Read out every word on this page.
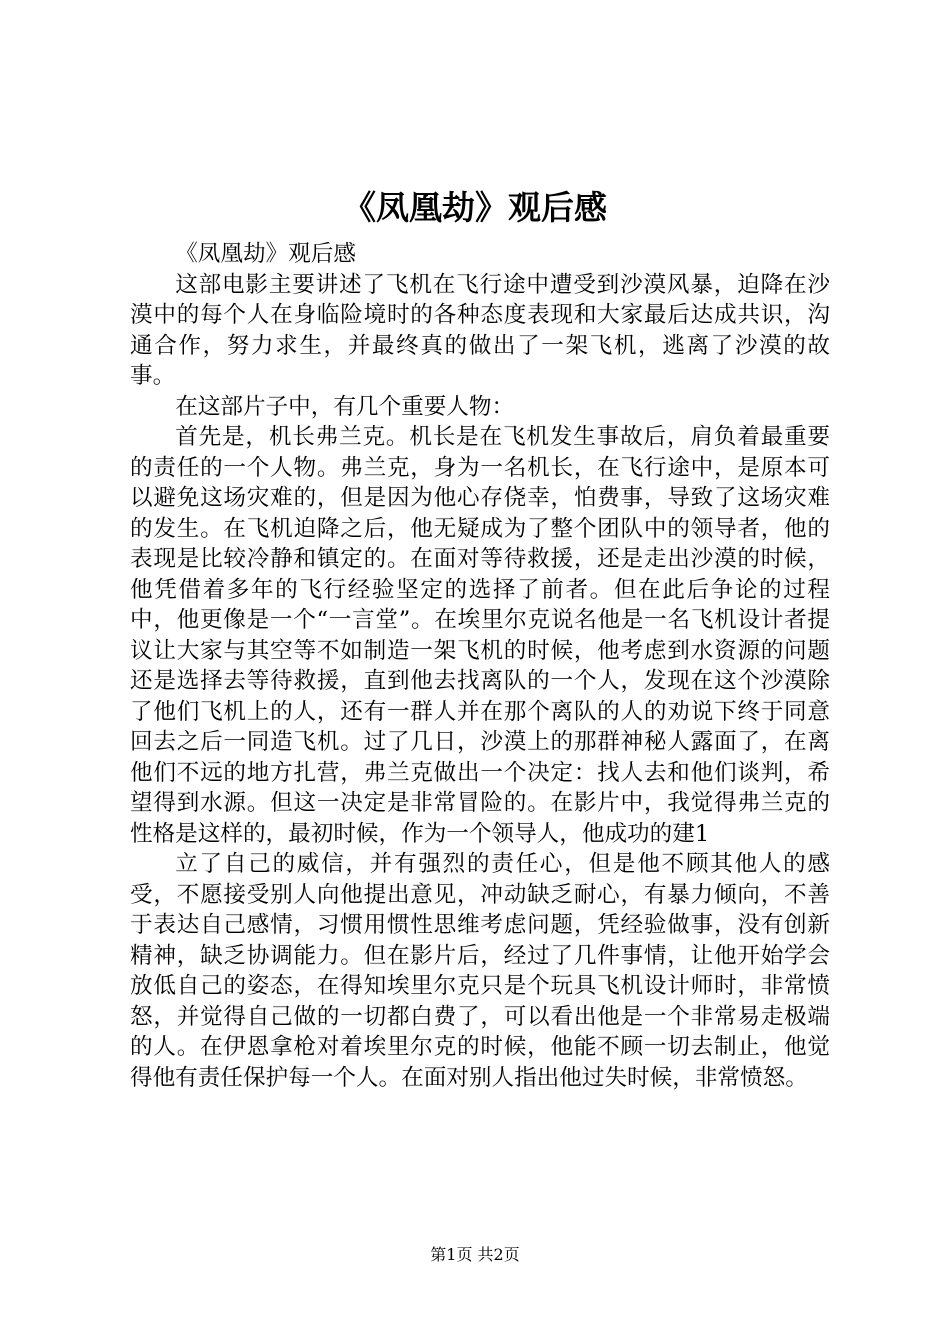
《凤凰劫》观后感

《凤凰劫》观后感

这部电影主要讲述了飞机在飞行途中遭受到沙漠风暴，迫降在沙漠中的每个人在身临险境时的各种态度表现和大家最后达成共识，沟通合作，努力求生，并最终真的做出了一架飞机，逃离了沙漠的故事。

在这部片子中，有几个重要人物：

首先是，机长弗兰克。机长是在飞机发生事故后，肩负着最重要的责任的一个人物。弗兰克，身为一名机长，在飞行途中，是原本可以避免这场灾难的，但是因为他心存侥幸，怕费事，导致了这场灾难的发生。在飞机迫降之后，他无疑成为了整个团队中的领导者，他的表现是比较冷静和镇定的。在面对等待救援，还是走出沙漠的时候，他凭借着多年的飞行经验坚定的选择了前者。但在此后争论的过程中，他更像是一个“一言堂”。在埃里尔克说名他是一名飞机设计者提议让大家与其空等不如制造一架飞机的时候，他考虑到水资源的问题还是选择去等待救援，直到他去找离队的一个人，发现在这个沙漠除了他们飞机上的人，还有一群人并在那个离队的人的劝说下终于同意回去之后一同造飞机。过了几日，沙漠上的那群神秘人露面了，在离他们不远的地方扎营，弗兰克做出一个决定：找人去和他们谈判，希望得到水源。但这一决定是非常冒险的。在影片中，我觉得弗兰克的性格是这样的，最初时候，作为一个领导人，他成功的建1

立了自己的威信，并有强烈的责任心，但是他不顾其他人的感受，不愿接受别人向他提出意见，冲动缺乏耐心，有暴力倾向，不善于表达自己感情，习惯用惯性思维考虑问题，凭经验做事，没有创新精神，缺乏协调能力。但在影片后，经过了几件事情，让他开始学会放低自己的姿态，在得知埃里尔克只是个玩具飞机设计师时，非常愤怒，并觉得自己做的一切都白费了，可以看出他是一个非常易走极端的人。在伊恩拿枪对着埃里尔克的时候，他能不顾一切去制止，他觉得他有责任保护每一个人。在面对别人指出他过失时候，非常愤怒。

第1页 共2页
